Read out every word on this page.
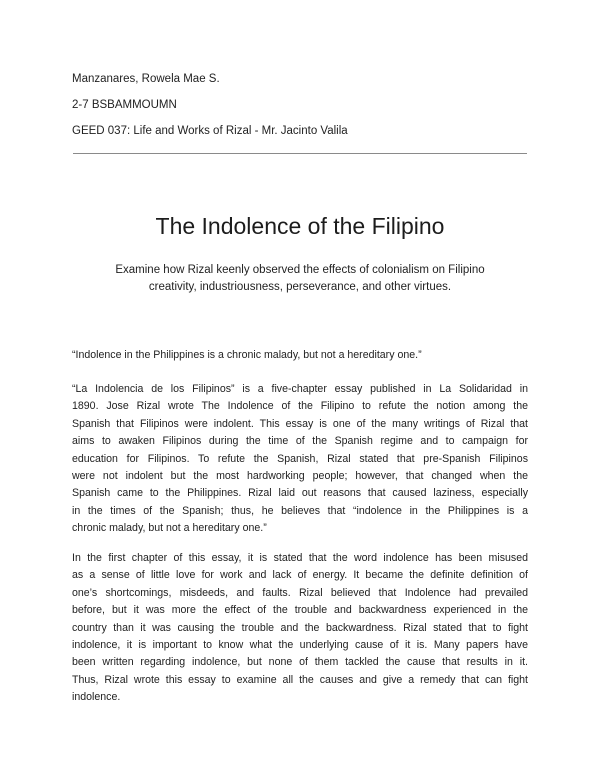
Manzanares, Rowela Mae S.
2-7 BSBAMMOUMN
GEED 037: Life and Works of Rizal - Mr. Jacinto Valila
The Indolence of the Filipino
Examine how Rizal keenly observed the effects of colonialism on Filipino
creativity, industriousness, perseverance, and other virtues.
“Indolence in the Philippines is a chronic malady, but not a hereditary one.”
“La Indolencia de los Filipinos” is a five-chapter essay published in La Solidaridad in
1890. Jose Rizal wrote The Indolence of the Filipino to refute the notion among the
Spanish that Filipinos were indolent. This essay is one of the many writings of Rizal that
aims to awaken Filipinos during the time of the Spanish regime and to campaign for
education for Filipinos. To refute the Spanish, Rizal stated that pre-Spanish Filipinos
were not indolent but the most hardworking people; however, that changed when the
Spanish came to the Philippines. Rizal laid out reasons that caused laziness, especially
in the times of the Spanish; thus, he believes that “indolence in the Philippines is a
chronic malady, but not a hereditary one.”
In the first chapter of this essay, it is stated that the word indolence has been misused
as a sense of little love for work and lack of energy. It became the definite definition of
one’s shortcomings, misdeeds, and faults. Rizal believed that Indolence had prevailed
before, but it was more the effect of the trouble and backwardness experienced in the
country than it was causing the trouble and the backwardness. Rizal stated that to fight
indolence, it is important to know what the underlying cause of it is. Many papers have
been written regarding indolence, but none of them tackled the cause that results in it.
Thus, Rizal wrote this essay to examine all the causes and give a remedy that can fight
indolence.
